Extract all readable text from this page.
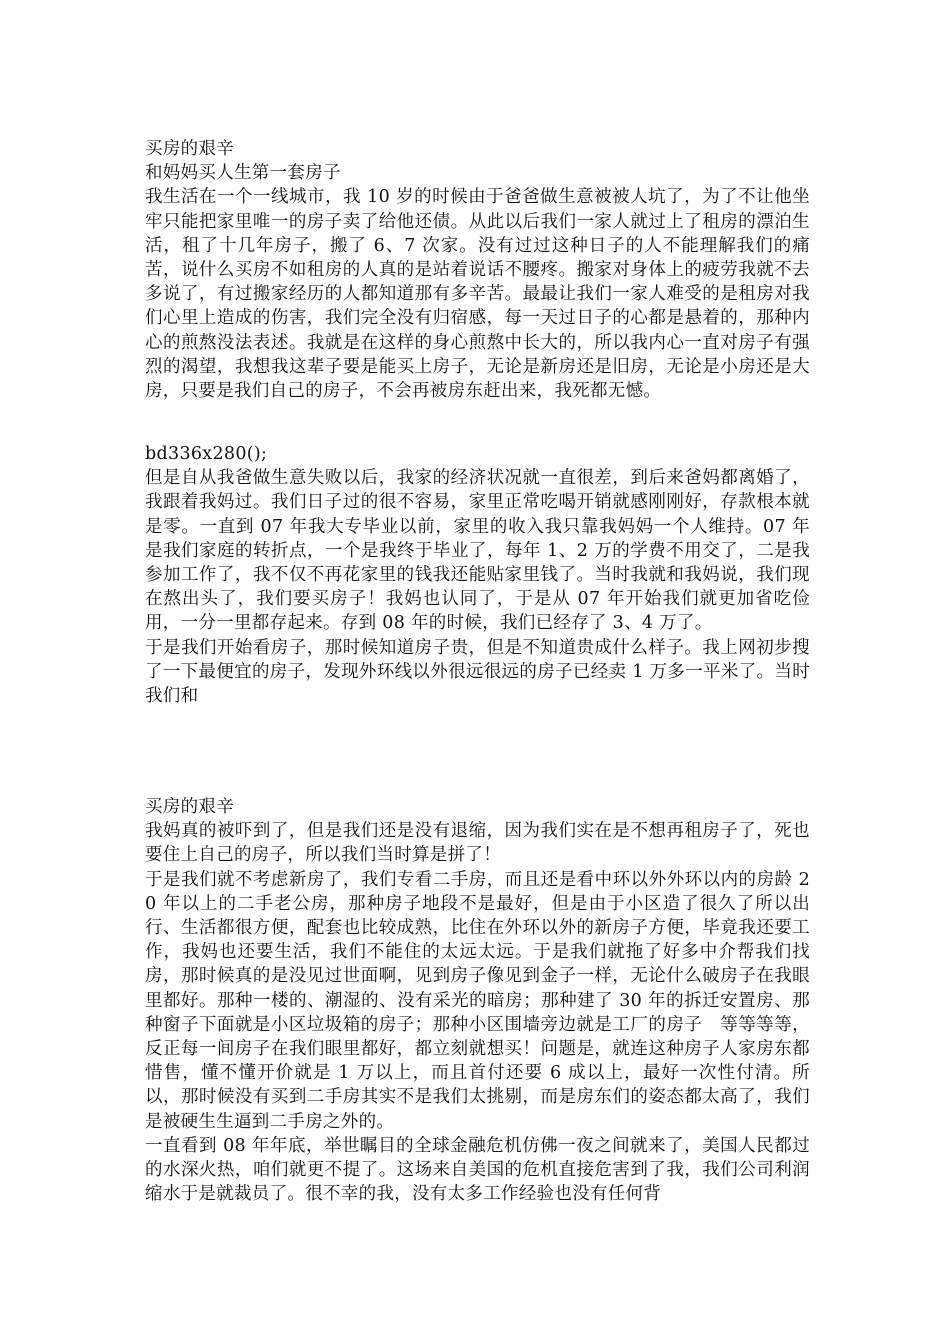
买房的艰辛

和妈妈买人生第一套房子

我生活在一个一线城市，我 10 岁的时候由于爸爸做生意被被人坑了，为了不让他坐牢只能把家里唯一的房子卖了给他还债。从此以后我们一家人就过上了租房的漂泊生活，租了十几年房子，搬了 6、7 次家。没有过过这种日子的人不能理解我们的痛苦，说什么买房不如租房的人真的是站着说话不腰疼。搬家对身体上的疲劳我就不去多说了，有过搬家经历的人都知道那有多辛苦。最最让我们一家人难受的是租房对我们心里上造成的伤害，我们完全没有归宿感，每一天过日子的心都是悬着的，那种内心的煎熬没法表述。我就是在这样的身心煎熬中长大的，所以我内心一直对房子有强烈的渴望，我想我这辈子要是能买上房子，无论是新房还是旧房，无论是小房还是大房，只要是我们自己的房子，不会再被房东赶出来，我死都无憾。

bd336x280();

但是自从我爸做生意失败以后，我家的经济状况就一直很差，到后来爸妈都离婚了，我跟着我妈过。我们日子过的很不容易，家里正常吃喝开销就感刚刚好，存款根本就是零。一直到 07 年我大专毕业以前，家里的收入我只靠我妈妈一个人维持。07 年是我们家庭的转折点，一个是我终于毕业了，每年 1、2 万的学费不用交了，二是我参加工作了，我不仅不再花家里的钱我还能贴家里钱了。当时我就和我妈说，我们现在熬出头了，我们要买房子！我妈也认同了，于是从 07 年开始我们就更加省吃俭用，一分一里都存起来。存到 08 年的时候，我们已经存了 3、4 万了。

于是我们开始看房子，那时候知道房子贵，但是不知道贵成什么样子。我上网初步搜了一下最便宜的房子，发现外环线以外很远很远的房子已经卖 1 万多一平米了。当时我们和

买房的艰辛

我妈真的被吓到了，但是我们还是没有退缩，因为我们实在是不想再租房子了，死也要住上自己的房子，所以我们当时算是拼了！

于是我们就不考虑新房了，我们专看二手房，而且还是看中环以外外环以内的房龄 20 年以上的二手老公房，那种房子地段不是最好，但是由于小区造了很久了所以出行、生活都很方便，配套也比较成熟，比住在外环以外的新房子方便，毕竟我还要工作，我妈也还要生活，我们不能住的太远太远。于是我们就拖了好多中介帮我们找房，那时候真的是没见过世面啊，见到房子像见到金子一样，无论什么破房子在我眼里都好。那种一楼的、潮湿的、没有采光的暗房；那种建了 30 年的拆迁安置房、那种窗子下面就是小区垃圾箱的房子；那种小区围墙旁边就是工厂的房子　等等等等，反正每一间房子在我们眼里都好，都立刻就想买！问题是，就连这种房子人家房东都惜售，懂不懂开价就是 1 万以上，而且首付还要 6 成以上，最好一次性付清。所以，那时候没有买到二手房其实不是我们太挑剔，而是房东们的姿态都太高了，我们是被硬生生逼到二手房之外的。

一直看到 08 年年底，举世瞩目的全球金融危机仿佛一夜之间就来了，美国人民都过的水深火热，咱们就更不提了。这场来自美国的危机直接危害到了我，我们公司利润缩水于是就裁员了。很不幸的我，没有太多工作经验也没有任何背
